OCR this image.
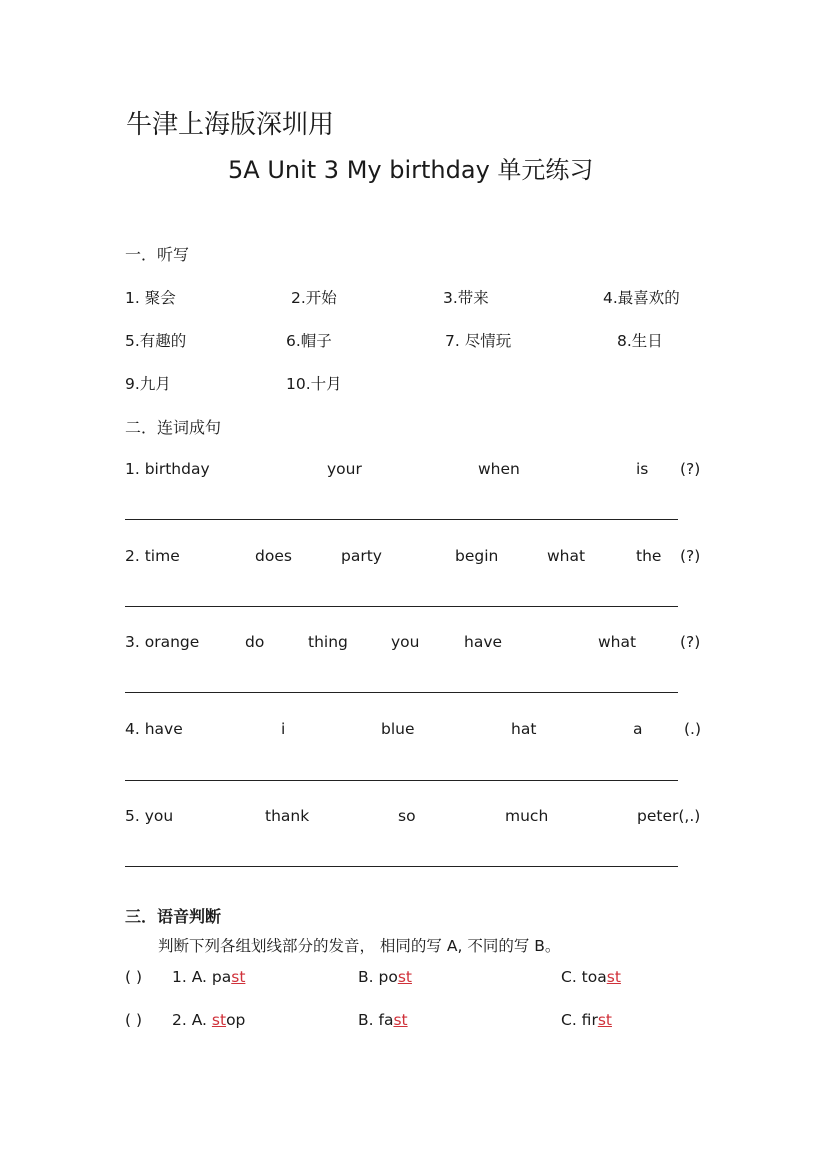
牛津上海版深圳用
5A Unit 3 My birthday 单元练习
一．听写
1. 聚会	2.开始	3.带来	4.最喜欢的
5.有趣的	6.帽子	7. 尽情玩	8.生日
9.九月	10.十月
二．连词成句
1. birthday	your	when	is (?)
2. time	does	party	begin	what	the (?)
3. orange	do	thing	you	have	what	(?)
4. have	i	blue	hat	a	(.)
5. you	thank	so	much	peter(,.)
三．语音判断
判断下列各组划线部分的发音， 相同的写 A, 不同的写 B。
( ) 1. A. past	B. post	C. toast
( ) 2. A. stop	B. fast	C. first
